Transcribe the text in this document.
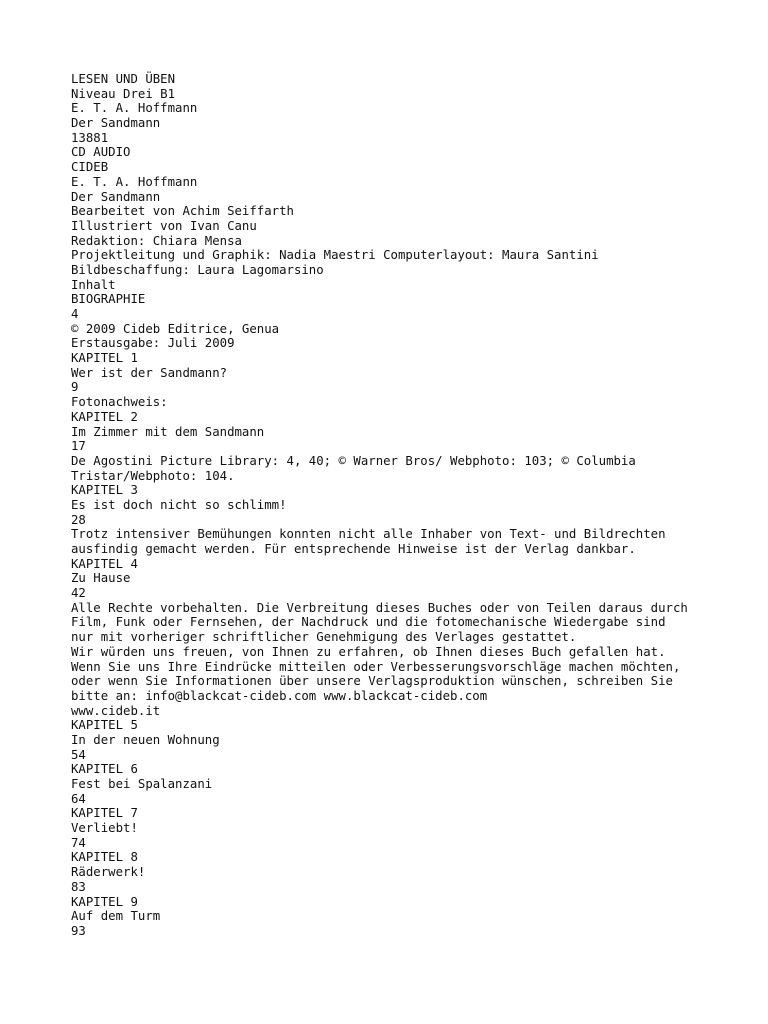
LESEN UND ÜBEN
Niveau Drei B1
E. T. A. Hoffmann
Der Sandmann
13881
CD AUDIO
CIDEB
E. T. A. Hoffmann
Der Sandmann
Bearbeitet von Achim Seiffarth
Illustriert von Ivan Canu
Redaktion: Chiara Mensa
Projektleitung und Graphik: Nadia Maestri Computerlayout: Maura Santini
Bildbeschaffung: Laura Lagomarsino
Inhalt
BIOGRAPHIE
4
© 2009 Cideb Editrice, Genua
Erstausgabe: Juli 2009
KAPITEL 1
Wer ist der Sandmann?
9
Fotonachweis:
KAPITEL 2
Im Zimmer mit dem Sandmann
17
De Agostini Picture Library: 4, 40; © Warner Bros/ Webphoto: 103; © Columbia
Tristar/Webphoto: 104.
KAPITEL 3
Es ist doch nicht so schlimm!
28
Trotz intensiver Bemühungen konnten nicht alle Inhaber von Text- und Bildrechten
ausfindig gemacht werden. Für entsprechende Hinweise ist der Verlag dankbar.
KAPITEL 4
Zu Hause
42
Alle Rechte vorbehalten. Die Verbreitung dieses Buches oder von Teilen daraus durch
Film, Funk oder Fernsehen, der Nachdruck und die fotomechanische Wiedergabe sind
nur mit vorheriger schriftlicher Genehmigung des Verlages gestattet.
Wir würden uns freuen, von Ihnen zu erfahren, ob Ihnen dieses Buch gefallen hat.
Wenn Sie uns Ihre Eindrücke mitteilen oder Verbesserungsvorschläge machen möchten,
oder wenn Sie Informationen über unsere Verlagsproduktion wünschen, schreiben Sie
bitte an: info@blackcat-cideb.com www.blackcat-cideb.com
www.cideb.it
KAPITEL 5
In der neuen Wohnung
54
KAPITEL 6
Fest bei Spalanzani
64
KAPITEL 7
Verliebt!
74
KAPITEL 8
Räderwerk!
83
KAPITEL 9
Auf dem Turm
93
